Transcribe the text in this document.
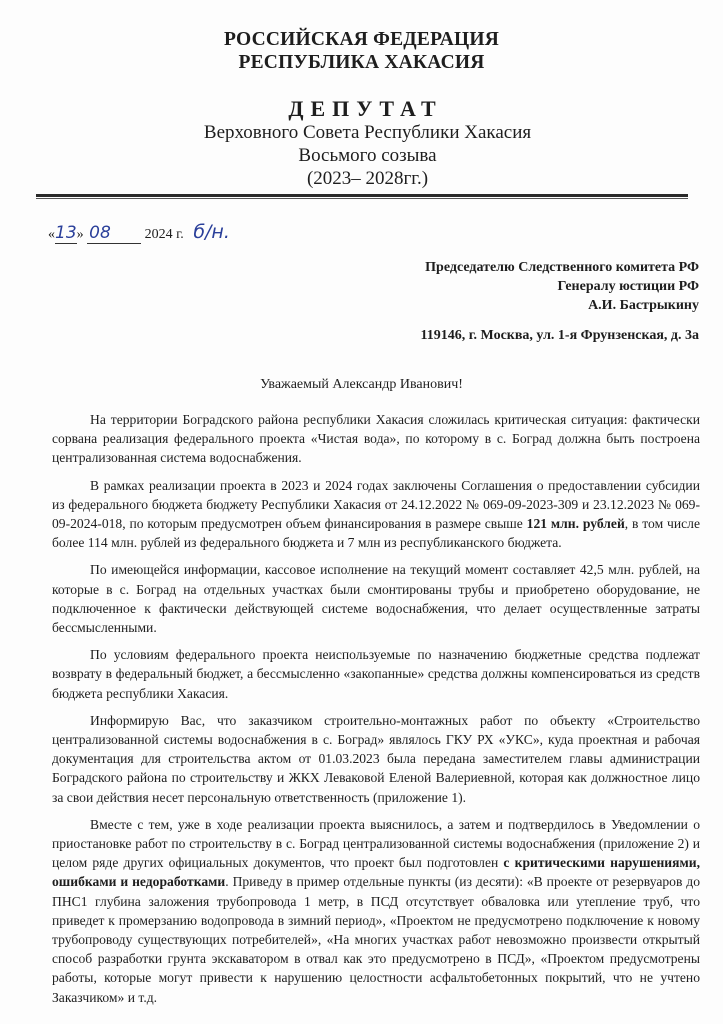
РОССИЙСКАЯ ФЕДЕРАЦИЯ
РЕСПУБЛИКА ХАКАСИЯ
ДЕПУТАТ
Верховного Совета Республики Хакасия
Восьмого созыва
(2023– 2028гг.)
«13» 08 2024 г. б/н.
Председателю Следственного комитета РФ
Генералу юстиции РФ
А.И. Бастрыкину
119146, г. Москва, ул. 1-я Фрунзенская, д. 3а
Уважаемый Александр Иванович!

На территории Боградского района республики Хакасия сложилась критическая ситуация: фактически сорвана реализация федерального проекта «Чистая вода», по которому в с. Боград должна быть построена централизованная система водоснабжения.

В рамках реализации проекта в 2023 и 2024 годах заключены Соглашения о предоставлении субсидии из федерального бюджета бюджету Республики Хакасия от 24.12.2022 № 069-09-2023-309 и 23.12.2023 № 069-09-2024-018, по которым предусмотрен объем финансирования в размере свыше 121 млн. рублей, в том числе более 114 млн. рублей из федерального бюджета и 7 млн из республиканского бюджета.

По имеющейся информации, кассовое исполнение на текущий момент составляет 42,5 млн. рублей, на которые в с. Боград на отдельных участках были смонтированы трубы и приобретено оборудование, не подключенное к фактически действующей системе водоснабжения, что делает осуществленные затраты бессмысленными.

По условиям федерального проекта неиспользуемые по назначению бюджетные средства подлежат возврату в федеральный бюджет, а бессмысленно «закопанные» средства должны компенсироваться из средств бюджета республики Хакасия.

Информирую Вас, что заказчиком строительно-монтажных работ по объекту «Строительство централизованной системы водоснабжения в с. Боград» являлось ГКУ РХ «УКС», куда проектная и рабочая документация для строительства актом от 01.03.2023 была передана заместителем главы администрации Боградского района по строительству и ЖКХ Леваковой Еленой Валериевной, которая как должностное лицо за свои действия несет персональную ответственность (приложение 1).

Вместе с тем, уже в ходе реализации проекта выяснилось, а затем и подтвердилось в Уведомлении о приостановке работ по строительству в с. Боград централизованной системы водоснабжения (приложение 2) и целом ряде других официальных документов, что проект был подготовлен с критическими нарушениями, ошибками и недоработками. Приведу в пример отдельные пункты (из десяти): «В проекте от резервуаров до ПНС1 глубина заложения трубопровода 1 метр, в ПСД отсутствует обваловка или утепление труб, что приведет к промерзанию водопровода в зимний период», «Проектом не предусмотрено подключение к новому трубопроводу существующих потребителей», «На многих участках работ невозможно произвести открытый способ разработки грунта экскаватором в отвал как это предусмотрено в ПСД», «Проектом предусмотрены работы, которые могут привести к нарушению целостности асфальтобетонных покрытий, что не учтено Заказчиком» и т.д.
